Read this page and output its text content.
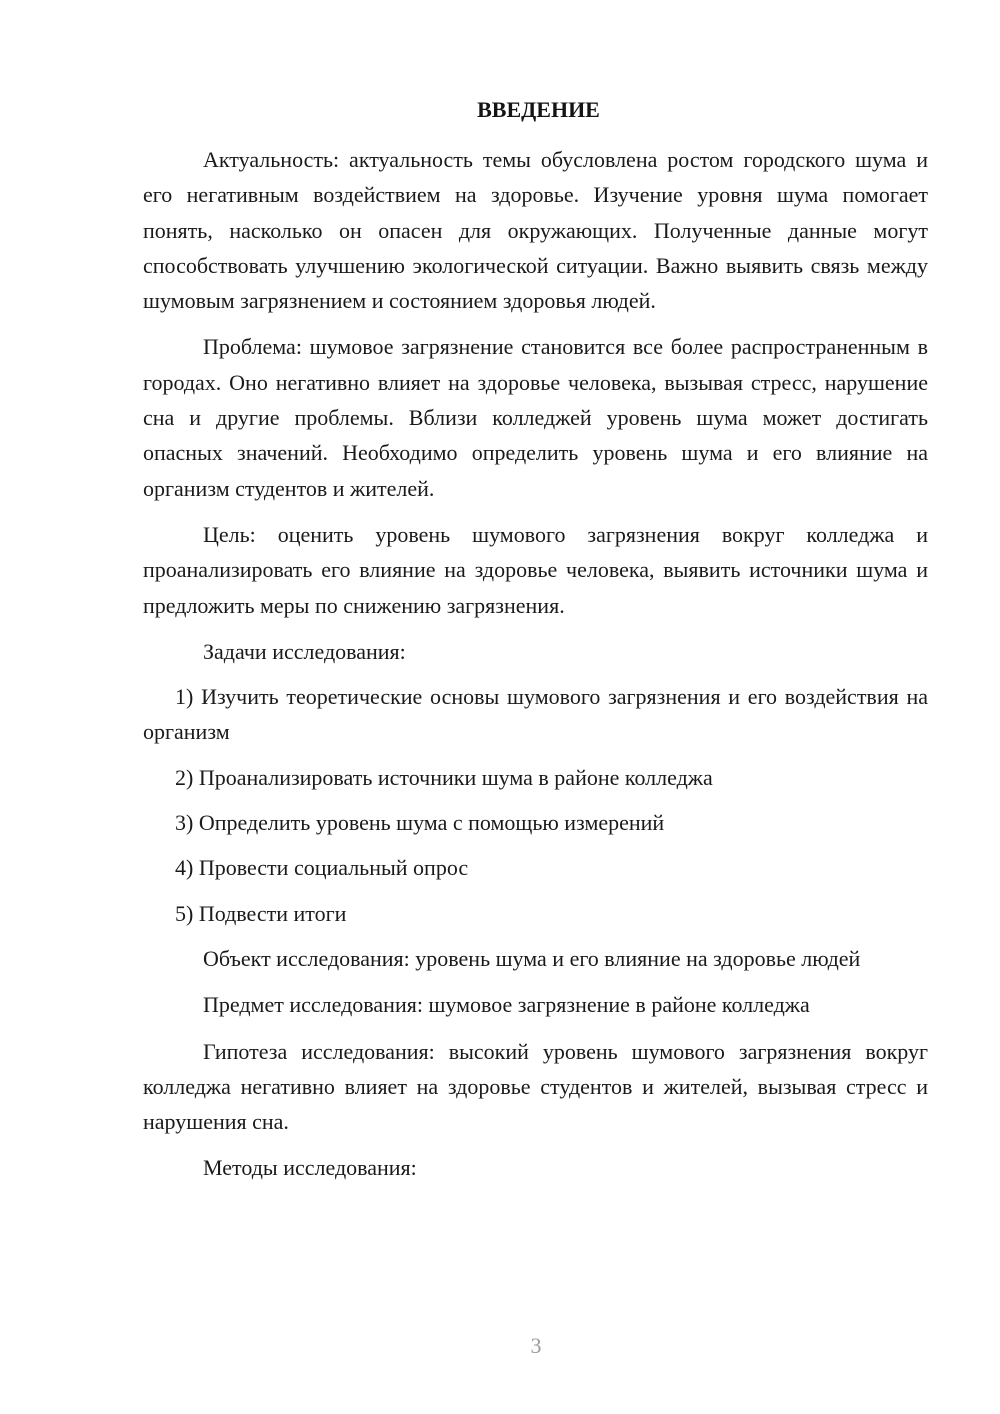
ВВЕДЕНИЕ

Актуальность: актуальность темы обусловлена ростом городского шума и его негативным воздействием на здоровье. Изучение уровня шума помогает понять, насколько он опасен для окружающих. Полученные данные могут способствовать улучшению экологической ситуации. Важно выявить связь между шумовым загрязнением и состоянием здоровья людей.

Проблема: шумовое загрязнение становится все более распространенным в городах. Оно негативно влияет на здоровье человека, вызывая стресс, нарушение сна и другие проблемы. Вблизи колледжей уровень шума может достигать опасных значений. Необходимо определить уровень шума и его влияние на организм студентов и жителей.

Цель: оценить уровень шумового загрязнения вокруг колледжа и проанализировать его влияние на здоровье человека, выявить источники шума и предложить меры по снижению загрязнения.

Задачи исследования:

1) Изучить теоретические основы шумового загрязнения и его воздействия на организм

2) Проанализировать источники шума в районе колледжа

3) Определить уровень шума с помощью измерений

4) Провести социальный опрос

5) Подвести итоги

Объект исследования: уровень шума и его влияние на здоровье людей

Предмет исследования: шумовое загрязнение в районе колледжа

Гипотеза исследования: высокий уровень шумового загрязнения вокруг колледжа негативно влияет на здоровье студентов и жителей, вызывая стресс и нарушения сна.

Методы исследования:

3
